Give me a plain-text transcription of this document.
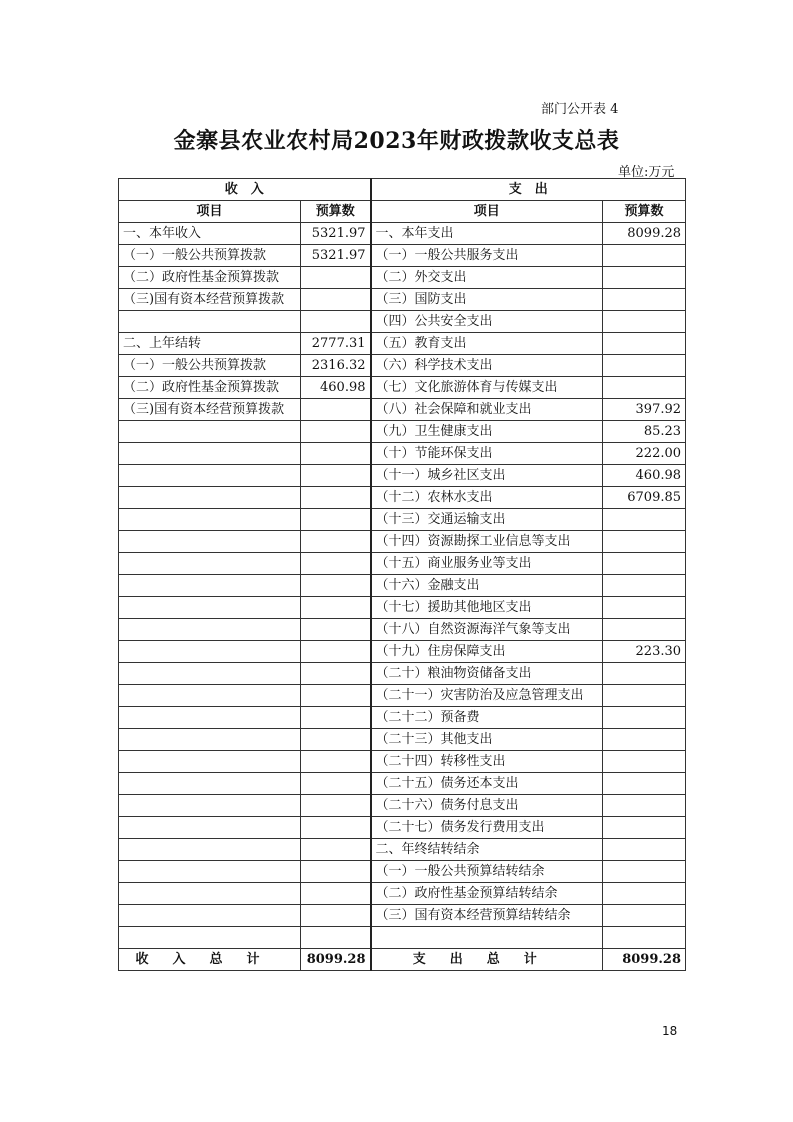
部门公开表 4
金寨县农业农村局2023年财政拨款收支总表
单位:万元
收　入		支　出	
项目	预算数	项目	预算数
一、本年收入	5321.97	一、本年支出	8099.28
（一）一般公共预算拨款	5321.97	（一）一般公共服务支出	
（二）政府性基金预算拨款		（二）外交支出	
（三)国有资本经营预算拨款		（三）国防支出	
		（四）公共安全支出	
二、上年结转	2777.31	（五）教育支出	
（一）一般公共预算拨款	2316.32	（六）科学技术支出	
（二）政府性基金预算拨款	460.98	（七）文化旅游体育与传媒支出	
（三)国有资本经营预算拨款		（八）社会保障和就业支出	397.92
		（九）卫生健康支出	85.23
		（十）节能环保支出	222.00
		（十一）城乡社区支出	460.98
		（十二）农林水支出	6709.85
		（十三）交通运输支出	
		（十四）资源勘探工业信息等支出	
		（十五）商业服务业等支出	
		（十六）金融支出	
		（十七）援助其他地区支出	
		（十八）自然资源海洋气象等支出	
		（十九）住房保障支出	223.30
		（二十）粮油物资储备支出	
		（二十一）灾害防治及应急管理支出	
		（二十二）预备费	
		（二十三）其他支出	
		（二十四）转移性支出	
		（二十五）债务还本支出	
		（二十六）债务付息支出	
		（二十七）债务发行费用支出	
		二、年终结转结余	
		（一）一般公共预算结转结余	
		（二）政府性基金预算结转结余	
		（三）国有资本经营预算结转结余	

收入总计	8099.28	支出总计	8099.28
18
